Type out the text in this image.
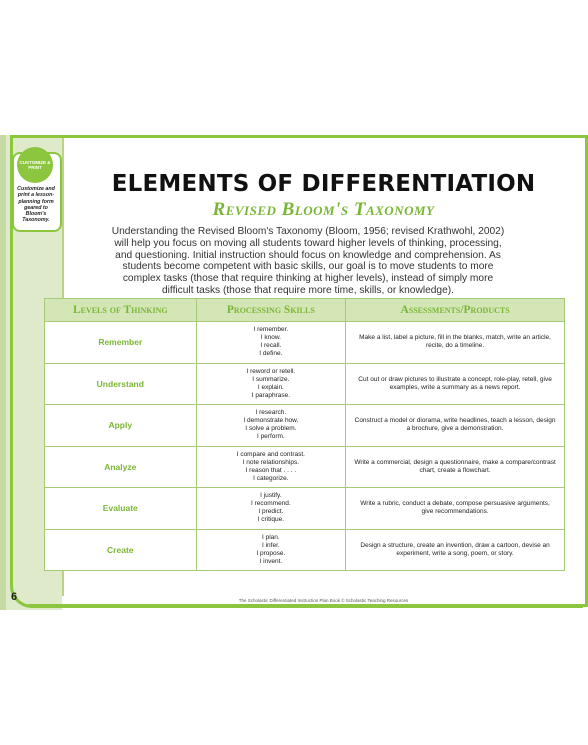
CUSTOMIZE & PRINT
Customize and print a lesson-planning form geared to Bloom's Taxonomy.
ELEMENTS OF DIFFERENTIATION
Revised Bloom's Taxonomy
Understanding the Revised Bloom's Taxonomy (Bloom, 1956; revised Krathwohl, 2002) will help you focus on moving all students toward higher levels of thinking, processing, and questioning. Initial instruction should focus on knowledge and comprehension. As students become competent with basic skills, our goal is to move students to more complex tasks (those that require thinking at higher levels), instead of simply more difficult tasks (those that require more time, skills, or knowledge).
Levels of Thinking	Processing Skills	Assessments/Products
Remember	I remember.
I know.
I recall.
I define.	Make a list, label a picture, fill in the blanks, match, write an article, recite, do a timeline.
Understand	I reword or retell.
I summarize.
I explain.
I paraphrase.	Cut out or draw pictures to illustrate a concept, role-play, retell, give examples, write a summary as a news report.
Apply	I research.
I demonstrate how.
I solve a problem.
I perform.	Construct a model or diorama, write headlines, teach a lesson, design a brochure, give a demonstration.
Analyze	I compare and contrast.
I note relationships.
I reason that . . . .
I categorize.	Write a commercial, design a questionnaire, make a compare/contrast chart, create a flowchart.
Evaluate	I justify.
I recommend.
I predict.
I critique.	Write a rubric, conduct a debate, compose persuasive arguments, give recommendations.
Create	I plan.
I infer.
I propose.
I invent.	Design a structure, create an invention, draw a cartoon, devise an experiment, write a song, poem, or story.
6	The Scholastic Differentiated Instruction Plan Book © Scholastic Teaching Resources
